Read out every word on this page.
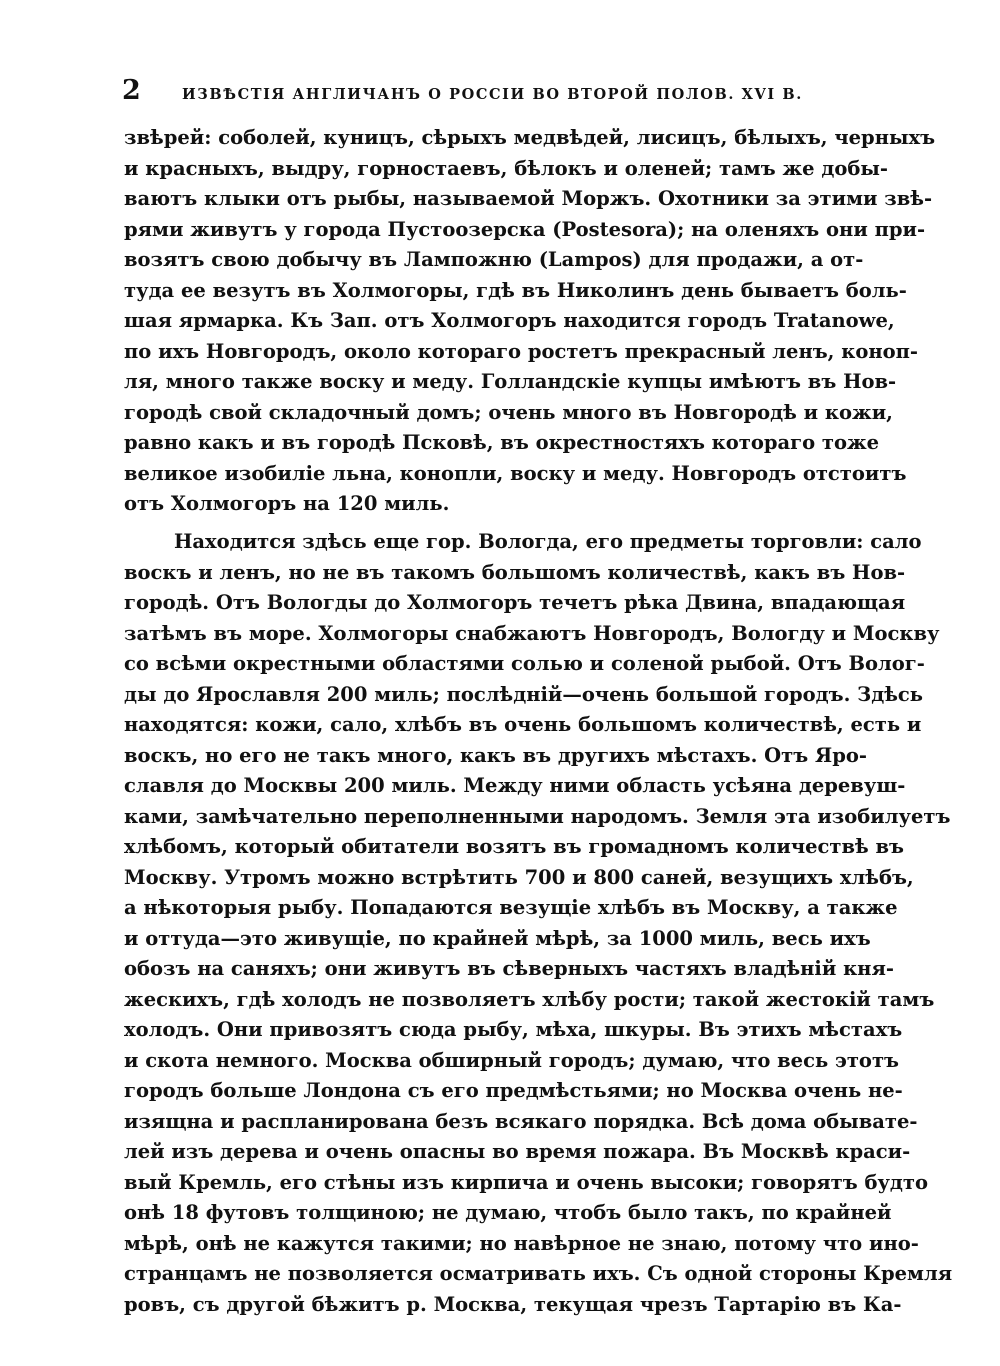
2	ИЗВѢСТІЯ АНГЛИЧАНЪ О РОССІИ ВО ВТОРОЙ ПОЛОВ. XVI В.
звѣрей: соболей, куницъ, сѣрыхъ медвѣдей, лисицъ, бѣлыхъ, черныхъ
и красныхъ, выдру, горностаевъ, бѣлокъ и оленей; тамъ же добы-
ваютъ клыки отъ рыбы, называемой Моржъ. Охотники за этими звѣ-
рями живутъ у города Пустоозерска (Postesora); на оленяхъ они при-
возятъ свою добычу въ Лампожню (Lampos) для продажи, а от-
туда ее везутъ въ Холмогоры, гдѣ въ Николинъ день бываетъ боль-
шая ярмарка. Къ Зап. отъ Холмогоръ находится городъ Tratanowe,
по ихъ Новгородъ, около котораго ростетъ прекрасный ленъ, коноп-
ля, много также воску и меду. Голландскіе купцы имѣютъ въ Нов-
городѣ свой складочный домъ; очень много въ Новгородѣ и кожи,
равно какъ и въ городѣ Псковѣ, въ окрестностяхъ котораго тоже
великое изобиліе льна, конопли, воску и меду. Новгородъ отстоитъ
отъ Холмогоръ на 120 миль.
Находится здѣсь еще гор. Вологда, его предметы торговли: сало
воскъ и ленъ, но не въ такомъ большомъ количествѣ, какъ въ Нов-
городѣ. Отъ Вологды до Холмогоръ течетъ рѣка Двина, впадающая
затѣмъ въ море. Холмогоры снабжаютъ Новгородъ, Вологду и Москву
со всѣми окрестными областями солью и соленой рыбой. Отъ Волог-
ды до Ярославля 200 миль; послѣдній—очень большой городъ. Здѣсь
находятся: кожи, сало, хлѣбъ въ очень большомъ количествѣ, есть и
воскъ, но его не такъ много, какъ въ другихъ мѣстахъ. Отъ Яро-
славля до Москвы 200 миль. Между ними область усѣяна деревуш-
ками, замѣчательно переполненными народомъ. Земля эта изобилуетъ
хлѣбомъ, который обитатели возятъ въ громадномъ количествѣ въ
Москву. Утромъ можно встрѣтить 700 и 800 саней, везущихъ хлѣбъ,
а нѣкоторыя рыбу. Попадаются везущіе хлѣбъ въ Москву, а также
и оттуда—это живущіе, по крайней мѣрѣ, за 1000 миль, весь ихъ
обозъ на саняхъ; они живутъ въ сѣверныхъ частяхъ владѣній кня-
жескихъ, гдѣ холодъ не позволяетъ хлѣбу рости; такой жестокій тамъ
холодъ. Они привозятъ сюда рыбу, мѣха, шкуры. Въ этихъ мѣстахъ
и скота немного. Москва обширный городъ; думаю, что весь этотъ
городъ больше Лондона съ его предмѣстьями; но Москва очень не-
изящна и распланирована безъ всякаго порядка. Всѣ дома обывате-
лей изъ дерева и очень опасны во время пожара. Въ Москвѣ краси-
вый Кремль, его стѣны изъ кирпича и очень высоки; говорятъ будто
онѣ 18 футовъ толщиною; не думаю, чтобъ было такъ, по крайней
мѣрѣ, онѣ не кажутся такими; но навѣрное не знаю, потому что ино-
странцамъ не позволяется осматривать ихъ. Съ одной стороны Кремля
ровъ, съ другой бѣжитъ р. Москва, текущая чрезъ Тартарію въ Ка-
